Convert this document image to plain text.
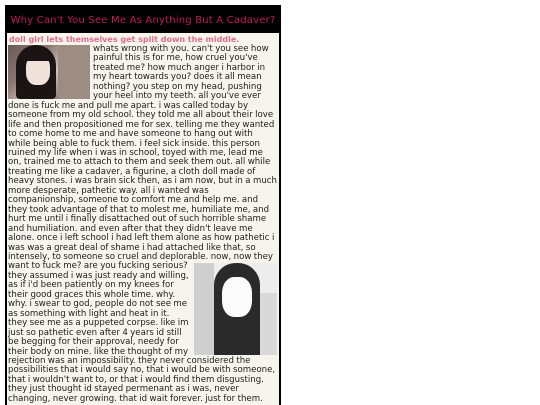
Why Can't You See Me As Anything But A Cadaver?

doll girl lets themselves get split down the middle.

whats wrong with you. can't you see how painful this is for me, how cruel you've treated me? how much anger i harbor in my heart towards you? does it all mean nothing? you step on my head, pushing your heel into my teeth. all you've ever done is fuck me and pull me apart. i was called today by someone from my old school. they told me all about their love life and then propositioned me for sex. telling me they wanted to come home to me and have someone to hang out with while being able to fuck them. i feel sick inside. this person ruined my life when i was in school, toyed with me, lead me on, trained me to attach to them and seek them out. all while treating me like a cadaver, a figurine, a cloth doll made of heavy stones. i was brain sick then, as i am now, but in a much more desperate, pathetic way. all i wanted was companionship, someone to comfort me and help me. and they took advantage of that to molest me, humiliate me, and hurt me until i finally disattached out of such horrible shame and humiliation. and even after that they didn't leave me alone. once i left school i had left them alone as how pathetic i was was a great deal of shame i had attached like that, so intensely, to someone so cruel and deplorable. now, now they want to fuck me? are you fucking serious? they assumed i was just ready and willing, as if i'd been patiently on my knees for their good graces this whole time. why. why. i swear to god, people do not see me as something with light and heat in it. they see me as a puppeted corpse. like im just so pathetic even after 4 years id still be begging for their approval, needy for their body on mine. like the thought of my rejection was an impossibility. they never considered the possibilities that i would say no, that i would be with someone, that i wouldn't want to, or that i would find them disgusting. they just thought id stayed permenant as i was, never changing, never growing. that id wait forever. just for them.
